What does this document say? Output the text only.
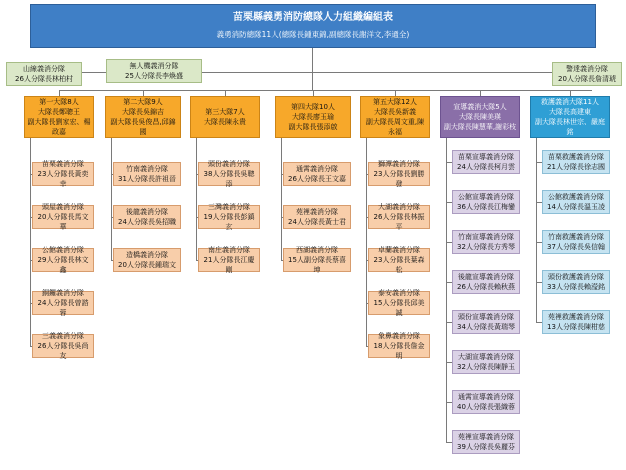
苗栗縣義勇消防總隊人力組織編組表
義勇消防總隊11人(總隊長鍾東錦,副總隊長謝洋文,李通全)
山線義消分隊
26人分隊長林柏村
無人機義消分隊
25人分隊長李煥盛
警達義消分隊
20人分隊長詹清琥
第一大隊8人
大隊長鄭聰王
副大隊長劉家宏、楊政嘉
苗栗義消分隊
23人分隊長黃奕幸
頭屋義消分隊
20人分隊長馬文華
公館義消分隊
29人分隊長林文鑫
銅鑼義消分隊
24人分隊長曾諮蓉
三義義消分隊
26人分隊長吳尚友
第二大隊9人
大隊長吳錦吉
副大隊長吳俊昌,邱錦國
竹南義消分隊
31人分隊長許祖晉
後龍義消分隊
24人分隊長吳招職
造橋義消分隊
20人分隊長鍾瑞文
第三大隊7人
大隊長陳永貴
頭份義消分隊
38人分隊長吳聰添
三灣義消分隊
19人分隊長彭鎮玄
南庄義消分隊
21人分隊長江慶剛
第四大隊10人
大隊長廖玉瑜
副大隊長張添啟
通霄義消分隊
26人分隊長王文嘉
苑裡義消分隊
24人分隊長黃士君
西湖義消分隊
15人副分隊長蔡喜坤
第五大隊12人
大隊長吳新義
副大隊長周文重,陳永福
獅潭義消分隊
23人分隊長劉勝發
大湖義消分隊
26人分隊長林振平
卓蘭義消分隊
23人分隊長葉森松
泰安義消分隊
15人分隊長邱美誠
象鼻義消分隊
18人分隊長詹金明
宣導義消大隊5人
大隊長陳美瑛
副大隊長陳慧華,謝彩枝
苗栗宣導義消分隊
24人分隊長柯月雲
公館宣導義消分隊
36人分隊長江梅鑾
竹南宣導義消分隊
32人分隊長方秀琴
後龍宣導義消分隊
26人分隊長賴秋燕
頭份宣導義消分隊
34人分隊長黃瑞琴
大湖宣導義消分隊
32人分隊長陳靜玉
通霄宣導義消分隊
40人分隊長張織蓉
苑裡宣導義消分隊
39人分隊長吳麗芬
救護義消大隊11人
大隊長高建東
副大隊長林世宗、嚴庭銘
苗栗救護義消分隊
21人分隊長徐志國
公館救護義消分隊
14人分隊長溫玉凌
竹南救護義消分隊
37人分隊長吳信翰
頭份救護義消分隊
33人分隊長賴瀅銘
苑裡救護義消分隊
13人分隊長陳柑慈
